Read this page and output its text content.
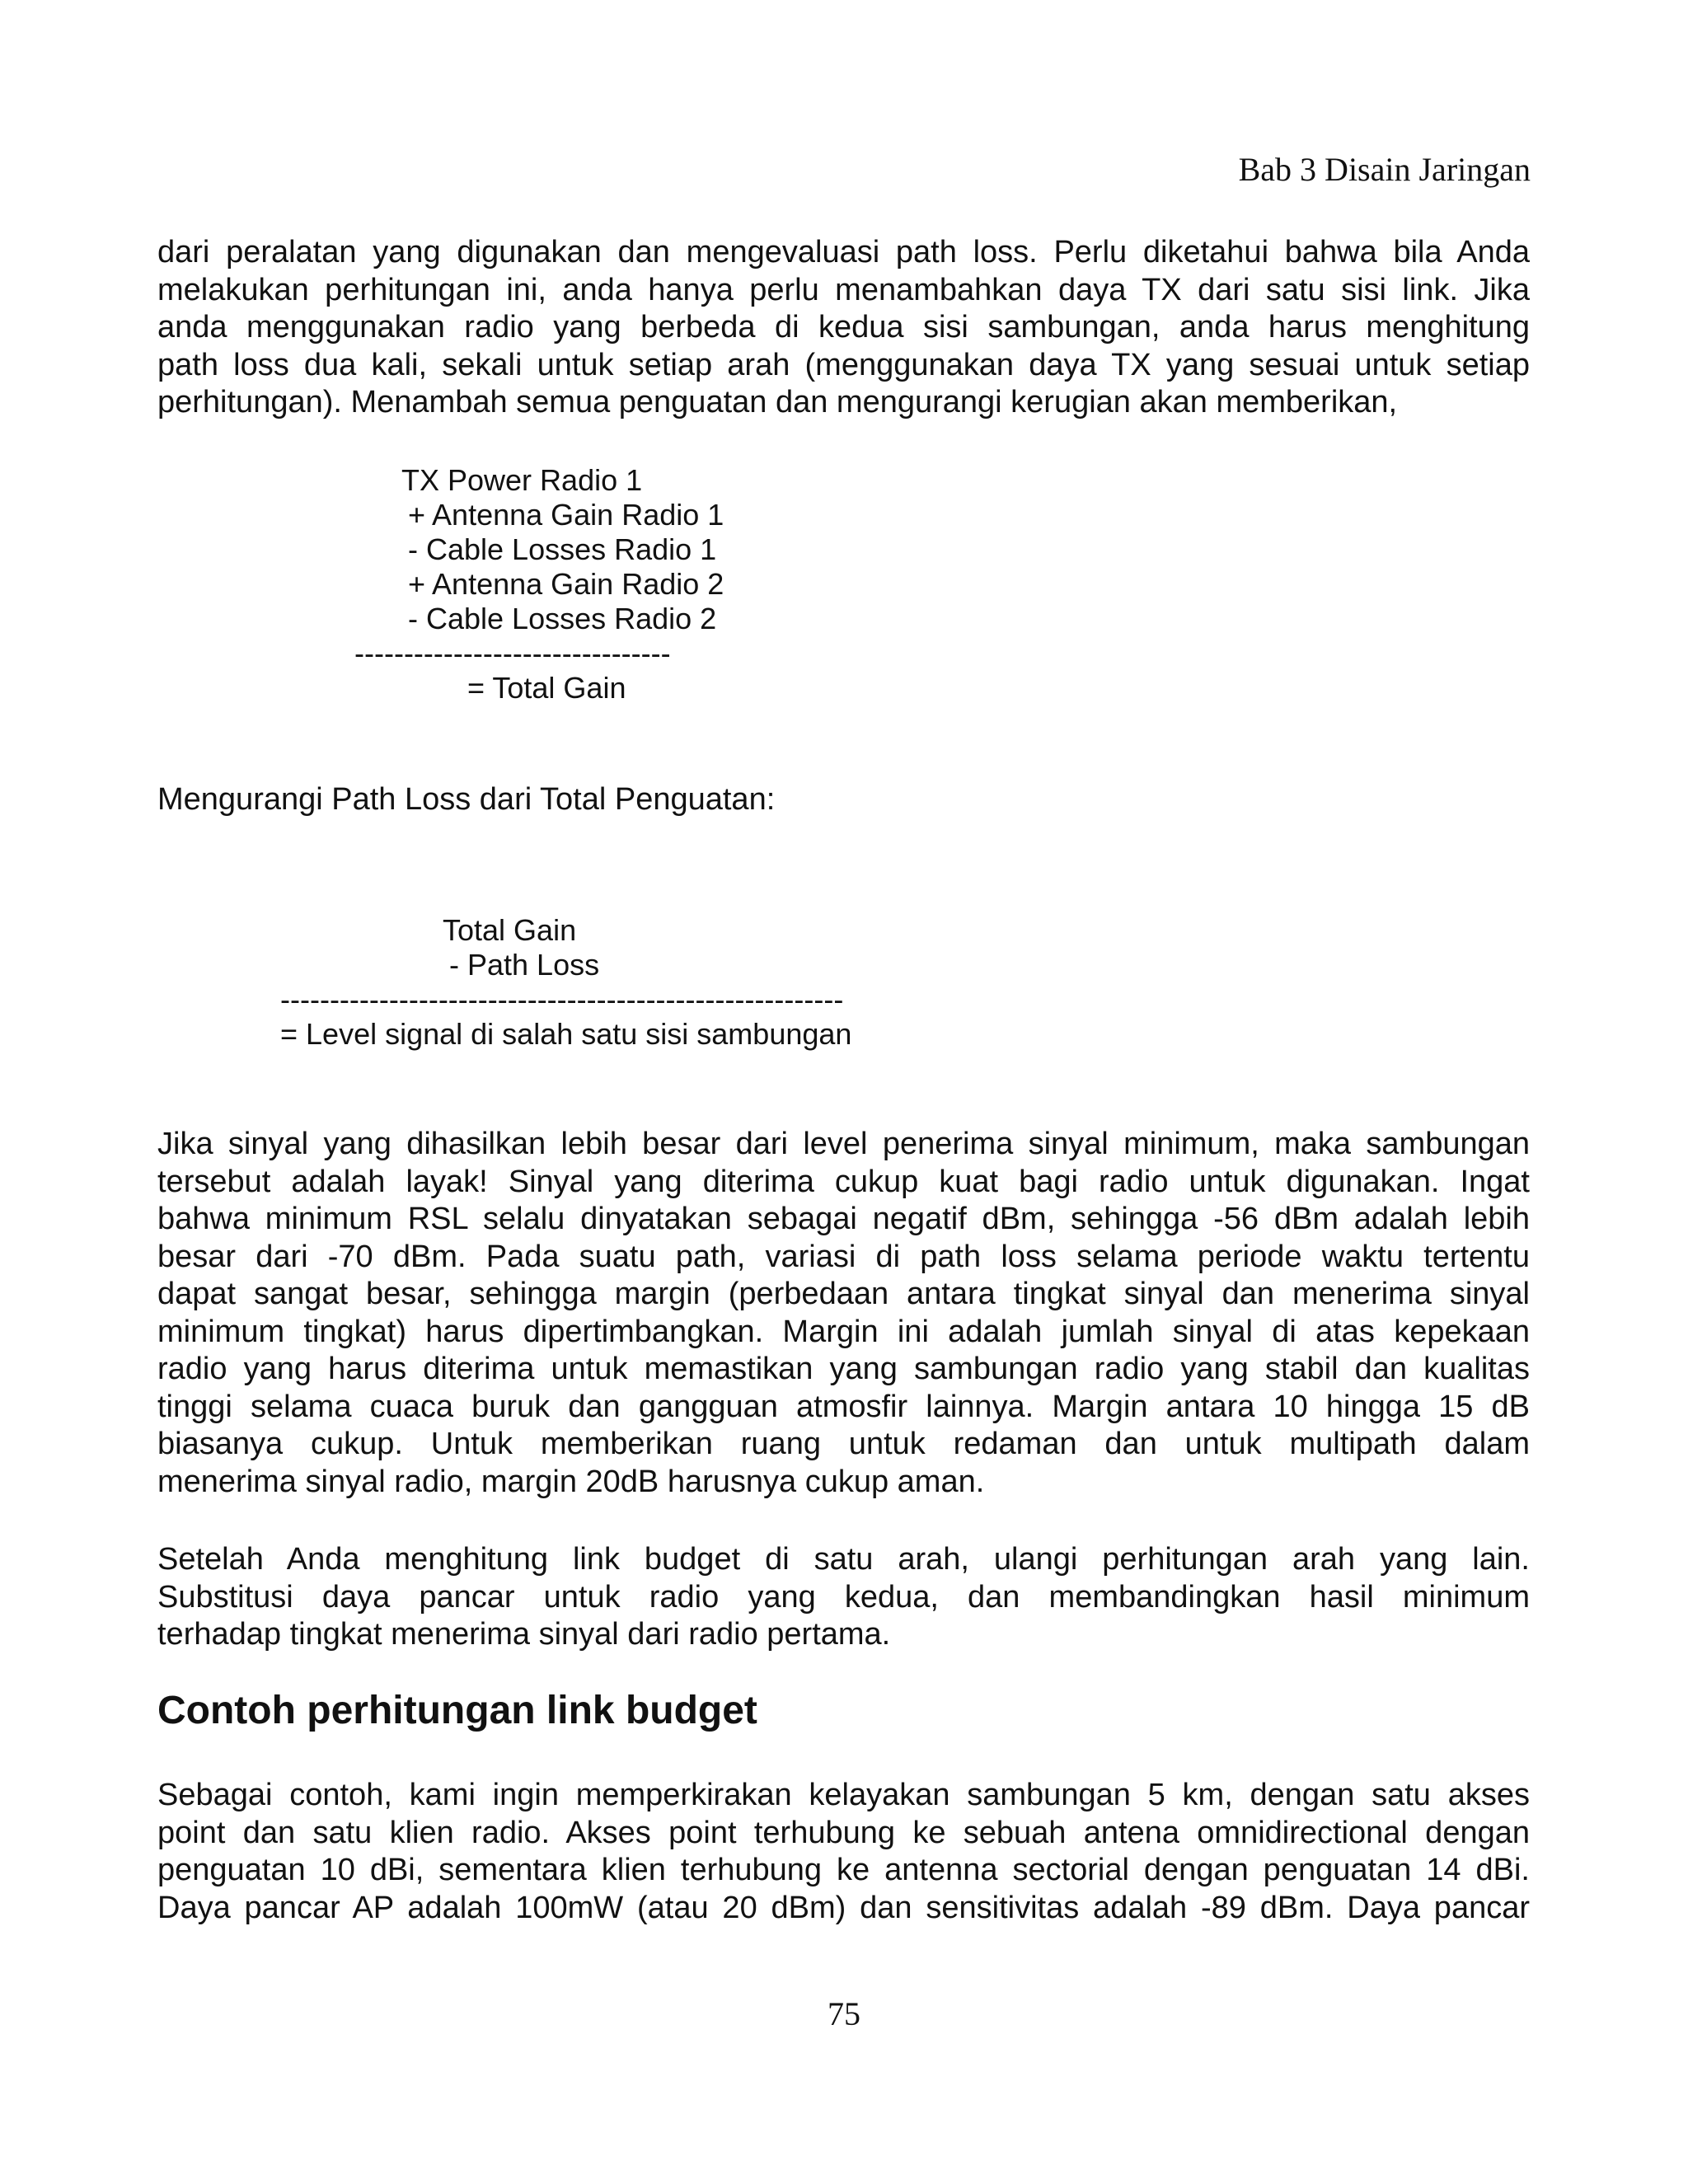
Bab 3 Disain Jaringan
dari peralatan yang digunakan dan mengevaluasi path loss. Perlu diketahui bahwa bila Anda
melakukan perhitungan ini, anda hanya perlu menambahkan daya TX dari satu sisi link. Jika
anda menggunakan radio yang berbeda di kedua sisi sambungan, anda harus menghitung
path loss dua kali, sekali untuk setiap arah (menggunakan daya TX yang sesuai untuk setiap
perhitungan). Menambah semua penguatan dan mengurangi kerugian akan memberikan,
TX Power Radio 1
+ Antenna Gain Radio 1
- Cable Losses Radio 1
+ Antenna Gain Radio 2
- Cable Losses Radio 2
--------------------------------
= Total Gain
Mengurangi Path Loss dari Total Penguatan:
Total Gain
- Path Loss
---------------------------------------------------------
= Level signal di salah satu sisi sambungan
Jika sinyal yang dihasilkan lebih besar dari level penerima sinyal minimum, maka sambungan
tersebut adalah layak! Sinyal yang diterima cukup kuat bagi radio untuk digunakan. Ingat
bahwa minimum RSL selalu dinyatakan sebagai negatif dBm, sehingga -56 dBm adalah lebih
besar dari -70 dBm. Pada suatu path, variasi di path loss selama periode waktu tertentu
dapat sangat besar, sehingga margin (perbedaan antara tingkat sinyal dan menerima sinyal
minimum tingkat) harus dipertimbangkan. Margin ini adalah jumlah sinyal di atas kepekaan
radio yang harus diterima untuk memastikan yang sambungan radio yang stabil dan kualitas
tinggi selama cuaca buruk dan gangguan atmosfir lainnya. Margin antara 10 hingga 15 dB
biasanya cukup. Untuk memberikan ruang untuk redaman dan untuk multipath dalam
menerima sinyal radio, margin 20dB harusnya cukup aman.
Setelah Anda menghitung link budget di satu arah, ulangi perhitungan arah yang lain.
Substitusi daya pancar untuk radio yang kedua, dan membandingkan hasil minimum
terhadap tingkat menerima sinyal dari radio pertama.
Contoh perhitungan link budget
Sebagai contoh, kami ingin memperkirakan kelayakan sambungan 5 km, dengan satu akses
point dan satu klien radio. Akses point terhubung ke sebuah antena omnidirectional dengan
penguatan 10 dBi, sementara klien terhubung ke antenna sectorial dengan penguatan 14 dBi.
Daya pancar AP adalah 100mW (atau 20 dBm) dan sensitivitas adalah -89 dBm. Daya pancar
75
